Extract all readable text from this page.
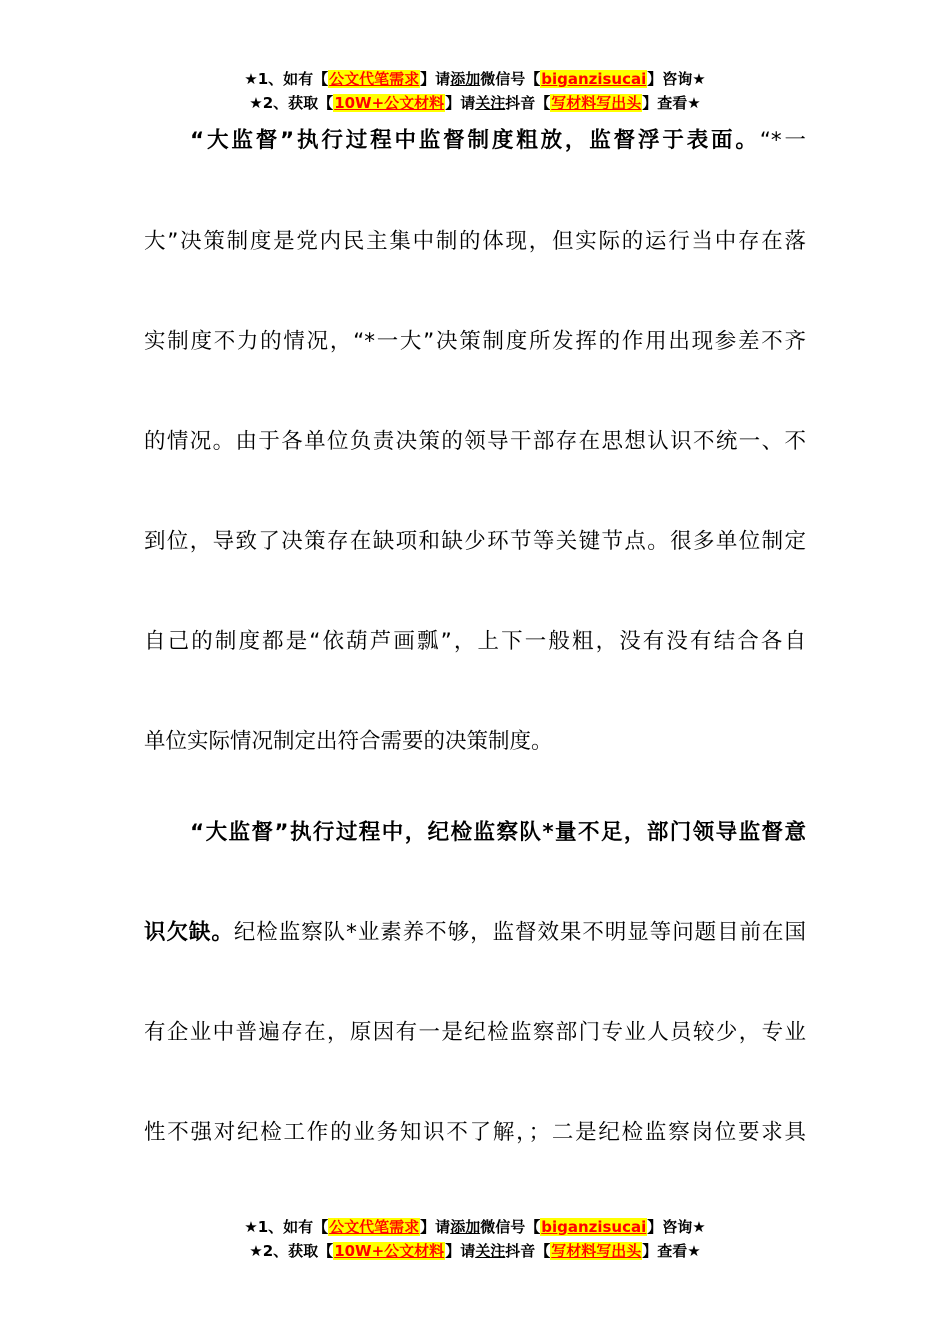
★1、如有【公文代笔需求】请添加微信号【biganzisucai】咨询★
★2、获取【10W+公文材料】请关注抖音【写材料写出头】查看★
“大监督”执行过程中监督制度粗放，监督浮于表面。“*一
大”决策制度是党内民主集中制的体现，但实际的运行当中存在落
实制度不力的情况，“*一大”决策制度所发挥的作用出现参差不齐
的情况。由于各单位负责决策的领导干部存在思想认识不统一、不
到位，导致了决策存在缺项和缺少环节等关键节点。很多单位制定
自己的制度都是“依葫芦画瓢”，上下一般粗，没有没有结合各自
单位实际情况制定出符合需要的决策制度。
“大监督”执行过程中，纪检监察队*量不足，部门领导监督意
识欠缺。纪检监察队*业素养不够，监督效果不明显等问题目前在国
有企业中普遍存在，原因有一是纪检监察部门专业人员较少，专业
性不强对纪检工作的业务知识不了解，；二是纪检监察岗位要求具
★1、如有【公文代笔需求】请添加微信号【biganzisucai】咨询★
★2、获取【10W+公文材料】请关注抖音【写材料写出头】查看★
